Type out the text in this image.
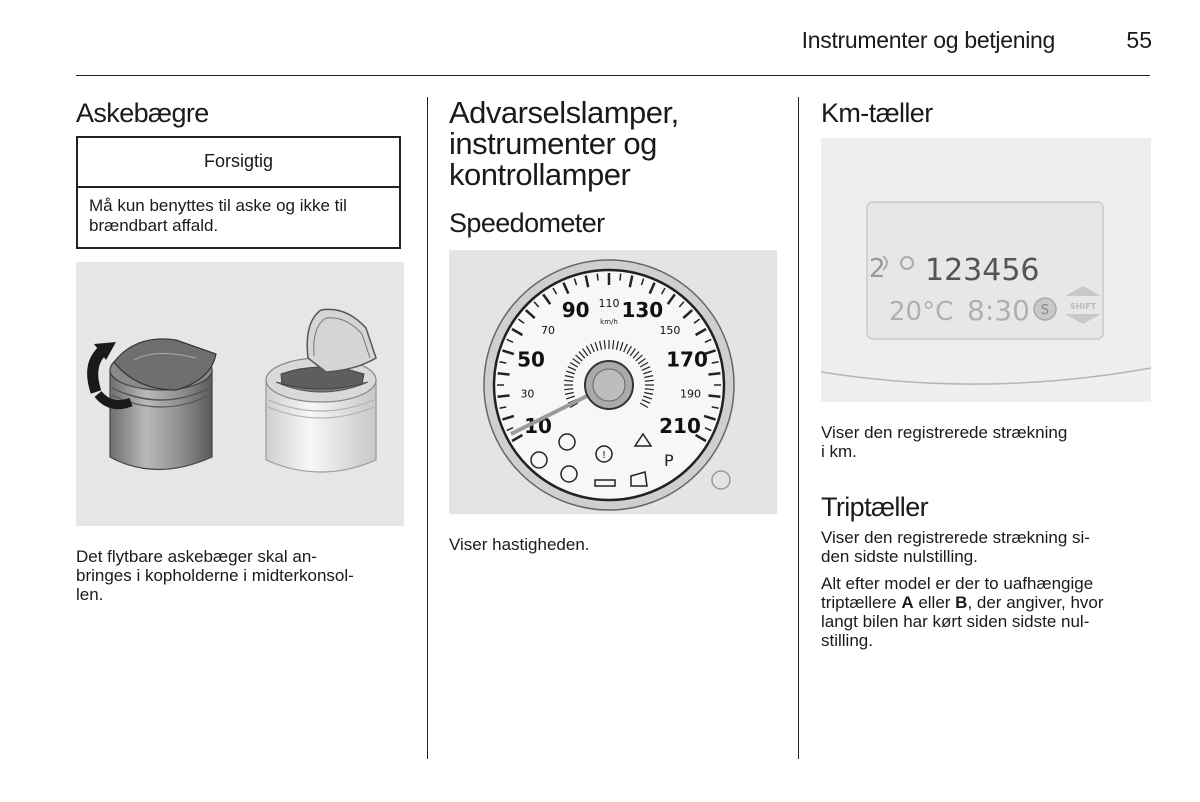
Instrumenter og betjening	55
Askebægre
Forsigtig
Må kun benyttes til aske og ikke til brændbart affald.
Det flytbare askebæger skal an-
bringes i kopholderne i midterkonsol-
len.
Advarselslamper,
instrumenter og
kontrollamper
Speedometer
10
30
50
70
90 110 130
150
170
190
210
km/h
!	P
Viser hastigheden.
Km-tæller
2 123456
20°C 8:30 S	SHIFT
Viser den registrerede strækning
i km.
Triptæller

Viser den registrerede strækning si-
den sidste nulstilling.

Alt efter model er der to uafhængige
triptællere A eller B, der angiver, hvor
langt bilen har kørt siden sidste nul-
stilling.
